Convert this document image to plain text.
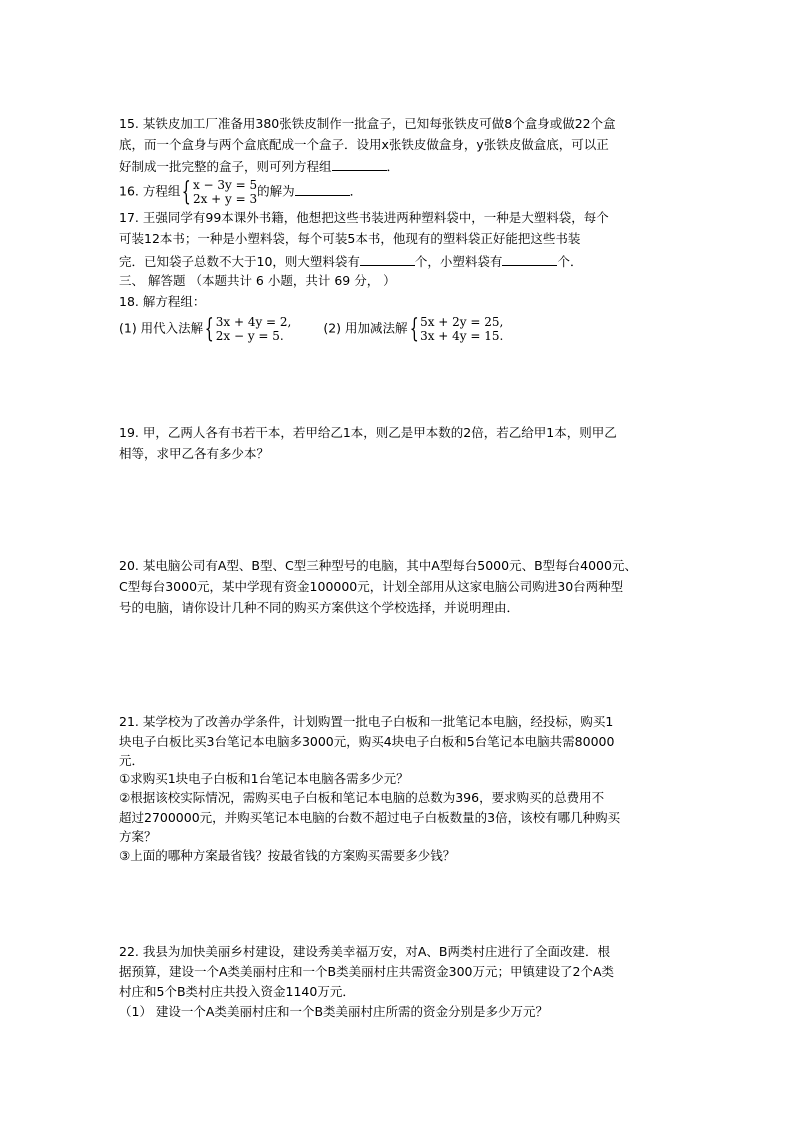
15. 某铁皮加工厂准备用380张铁皮制作一批盒子，已知每张铁皮可做8个盒身或做22个盒
底，而一个盒身与两个盒底配成一个盒子．设用x张铁皮做盒身，y张铁皮做盒底，可以正
好制成一批完整的盒子，则可列方程组	．
16. 方程组 { x − 3y = 5
2x + y = 3
的解为	．
17. 王强同学有99本课外书籍，他想把这些书装进两种塑料袋中，一种是大塑料袋，每个
可装12本书；一种是小塑料袋，每个可装5本书，他现有的塑料袋正好能把这些书装
完．已知袋子总数不大于10，则大塑料袋有	个，小塑料袋有	个．
三、 解答题 （本题共计 6 小题，共计 69 分， ）
18. 解方程组：
(1) 用代入法解 { 3x + 4y = 2,
2x − y = 5.
(2) 用加减法解 { 5x + 2y = 25,
3x + 4y = 15.
19. 甲，乙两人各有书若干本，若甲给乙1本，则乙是甲本数的2倍，若乙给甲1本，则甲乙
相等，求甲乙各有多少本？
20. 某电脑公司有A型、B型、C型三种型号的电脑，其中A型每台5000元、B型每台4000元、
C型每台3000元，某中学现有资金100000元，计划全部用从这家电脑公司购进30台两种型
号的电脑，请你设计几种不同的购买方案供这个学校选择，并说明理由．
21. 某学校为了改善办学条件，计划购置一批电子白板和一批笔记本电脑，经投标，购买1
块电子白板比买3台笔记本电脑多3000元，购买4块电子白板和5台笔记本电脑共需80000
元．
①求购买1块电子白板和1台笔记本电脑各需多少元？
②根据该校实际情况，需购买电子白板和笔记本电脑的总数为396，要求购买的总费用不
超过2700000元，并购买笔记本电脑的台数不超过电子白板数量的3倍，该校有哪几种购买
方案？
③上面的哪种方案最省钱？按最省钱的方案购买需要多少钱？
22. 我县为加快美丽乡村建设，建设秀美幸福万安，对A、B两类村庄进行了全面改建．根
据预算，建设一个A类美丽村庄和一个B类美丽村庄共需资金300万元；甲镇建设了2个A类
村庄和5个B类村庄共投入资金1140万元．
（1） 建设一个A类美丽村庄和一个B类美丽村庄所需的资金分别是多少万元？
